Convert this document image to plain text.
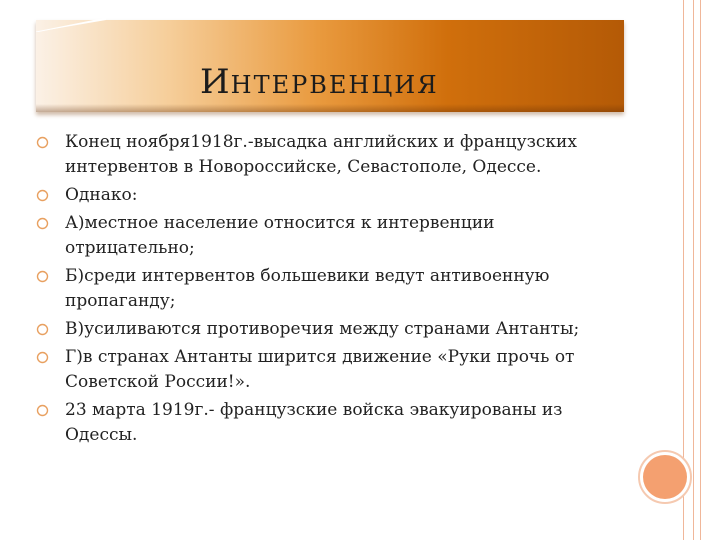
ИНТЕРВЕНЦИЯ
Конец ноября1918г.-высадка английских и французских интервентов в Новороссийске, Севастополе, Одессе.
Однако:
А)местное население относится к интервенции отрицательно;
Б)среди интервентов большевики ведут антивоенную пропаганду;
В)усиливаются противоречия между странами Антанты;
Г)в странах Антанты ширится движение «Руки прочь от Советской России!».
23 марта 1919г.- французские войска эвакуированы из Одессы.
